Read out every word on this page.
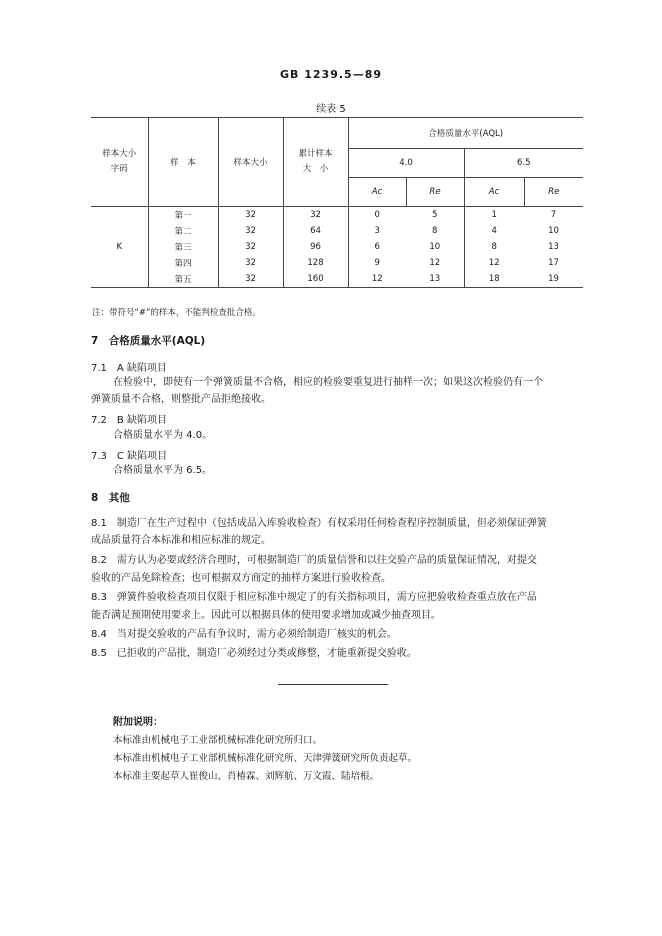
GB 1239.5—89
续表 5
样本大小字码	样　本	样本大小	累计样本大　小	合格质量水平(AQL)			
				4.0		6.5	
				Ac	Re	Ac	Re
K	第一	32	32	0	5	1	7
	第二	32	64	3	8	4	10
	第三	32	96	6	10	8	13
	第四	32	128	9	12	12	17
	第五	32	160	12	13	18	19
注：带符号“#”的样本，不能判检查批合格。
7　合格质量水平(AQL)
7.1　A 缺陷项目
在检验中，即使有一个弹簧质量不合格，相应的检验要重复进行抽样一次；如果这次检验仍有一个
弹簧质量不合格，则整批产品拒绝接收。
7.2　B 缺陷项目
合格质量水平为 4.0。
7.3　C 缺陷项目
合格质量水平为 6.5。
8　其他
8.1　制造厂在生产过程中（包括成品入库验收检查）有权采用任何检查程序控制质量，但必须保证弹簧
成品质量符合本标准和相应标准的规定。
8.2　需方认为必要或经济合理时，可根据制造厂的质量信誉和以往交验产品的质量保证情况，对提交
验收的产品免除检查；也可根据双方商定的抽样方案进行验收检查。
8.3　弹簧件验收检查项目仅限于相应标准中规定了的有关指标项目，需方应把验收检查重点放在产品
能否满足预期使用要求上。因此可以根据具体的使用要求增加或减少抽查项目。
8.4　当对提交验收的产品有争议时，需方必须给制造厂核实的机会。
8.5　已拒收的产品批，制造厂必须经过分类或修整，才能重新提交验收。
附加说明：
本标准由机械电子工业部机械标准化研究所归口。
本标准由机械电子工业部机械标准化研究所、天津弹簧研究所负责起草。
本标准主要起草人崔俊山、肖椿霖、刘辉航、万文霞、陆培根。
